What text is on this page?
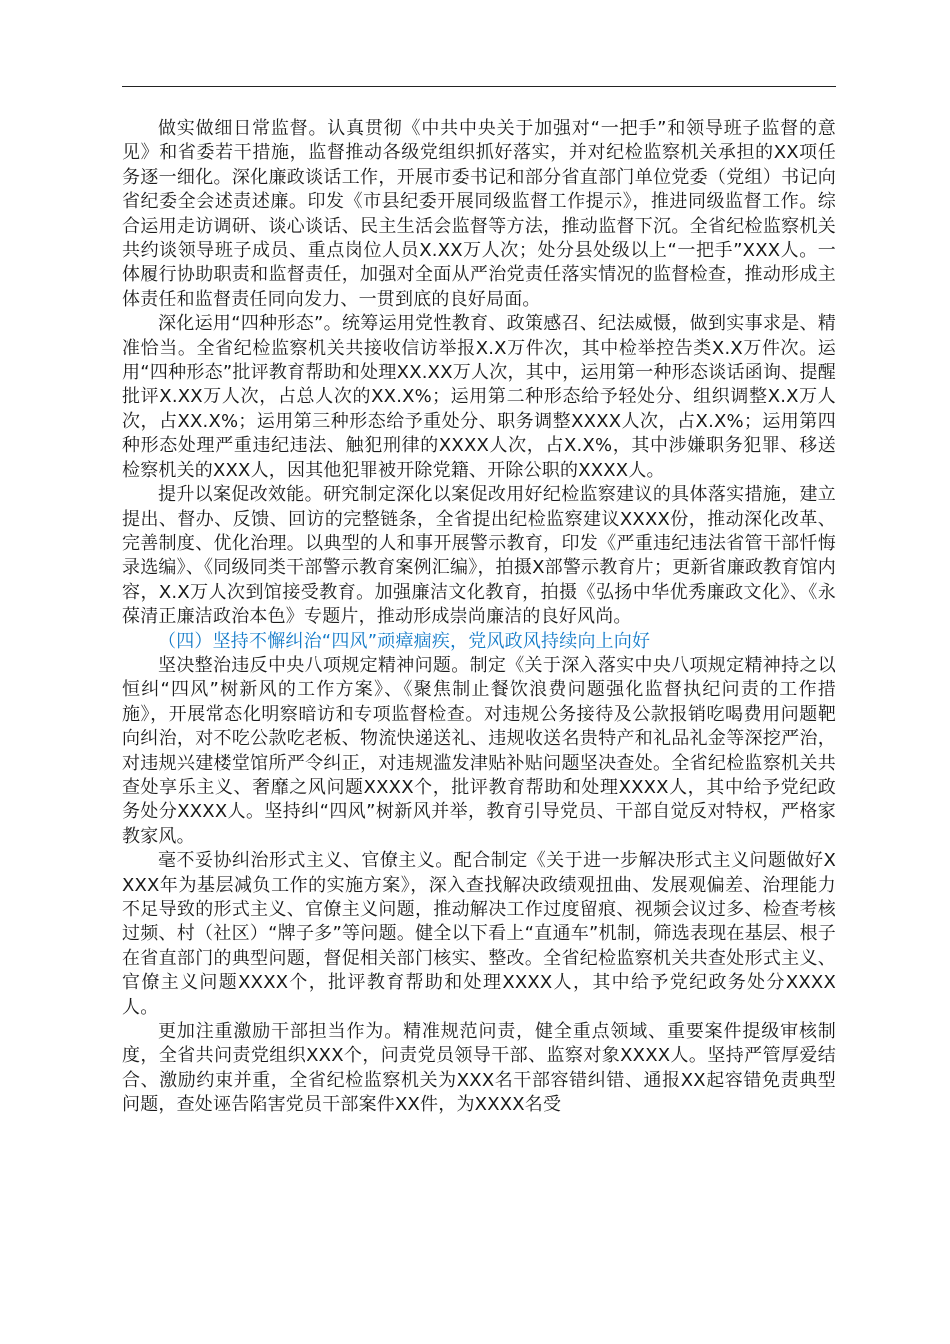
做实做细日常监督。认真贯彻《中共中央关于加强对“一把手”和领导班子监督的意见》和省委若干措施，监督推动各级党组织抓好落实，并对纪检监察机关承担的XX项任务逐一细化。深化廉政谈话工作，开展市委书记和部分省直部门单位党委（党组）书记向省纪委全会述责述廉。印发《市县纪委开展同级监督工作提示》，推进同级监督工作。综合运用走访调研、谈心谈话、民主生活会监督等方法，推动监督下沉。全省纪检监察机关共约谈领导班子成员、重点岗位人员X.XX万人次；处分县处级以上“一把手”XXX人。一体履行协助职责和监督责任，加强对全面从严治党责任落实情况的监督检查，推动形成主体责任和监督责任同向发力、一贯到底的良好局面。

深化运用“四种形态”。统筹运用党性教育、政策感召、纪法威慑，做到实事求是、精准恰当。全省纪检监察机关共接收信访举报X.X万件次，其中检举控告类X.X万件次。运用“四种形态”批评教育帮助和处理XX.XX万人次，其中，运用第一种形态谈话函询、提醒批评X.XX万人次，占总人次的XX.X%；运用第二种形态给予轻处分、组织调整X.X万人次，占XX.X%；运用第三种形态给予重处分、职务调整XXXX人次，占X.X%；运用第四种形态处理严重违纪违法、触犯刑律的XXXX人次，占X.X%，其中涉嫌职务犯罪、移送检察机关的XXX人，因其他犯罪被开除党籍、开除公职的XXXX人。

提升以案促改效能。研究制定深化以案促改用好纪检监察建议的具体落实措施，建立提出、督办、反馈、回访的完整链条，全省提出纪检监察建议XXXX份，推动深化改革、完善制度、优化治理。以典型的人和事开展警示教育，印发《严重违纪违法省管干部忏悔录选编》、《同级同类干部警示教育案例汇编》，拍摄X部警示教育片；更新省廉政教育馆内容，X.X万人次到馆接受教育。加强廉洁文化教育，拍摄《弘扬中华优秀廉政文化》、《永葆清正廉洁政治本色》专题片，推动形成崇尚廉洁的良好风尚。

（四）坚持不懈纠治“四风”顽瘴痼疾，党风政风持续向上向好

坚决整治违反中央八项规定精神问题。制定《关于深入落实中央八项规定精神持之以恒纠“四风”树新风的工作方案》、《聚焦制止餐饮浪费问题强化监督执纪问责的工作措施》，开展常态化明察暗访和专项监督检查。对违规公务接待及公款报销吃喝费用问题靶向纠治，对不吃公款吃老板、物流快递送礼、违规收送名贵特产和礼品礼金等深挖严治，对违规兴建楼堂馆所严令纠正，对违规滥发津贴补贴问题坚决查处。全省纪检监察机关共查处享乐主义、奢靡之风问题XXXX个，批评教育帮助和处理XXXX人，其中给予党纪政务处分XXXX人。坚持纠“四风”树新风并举，教育引导党员、干部自觉反对特权，严格家教家风。

毫不妥协纠治形式主义、官僚主义。配合制定《关于进一步解决形式主义问题做好XXXX年为基层减负工作的实施方案》，深入查找解决政绩观扭曲、发展观偏差、治理能力不足导致的形式主义、官僚主义问题，推动解决工作过度留痕、视频会议过多、检查考核过频、村（社区）“牌子多”等问题。健全以下看上“直通车”机制，筛选表现在基层、根子在省直部门的典型问题，督促相关部门核实、整改。全省纪检监察机关共查处形式主义、官僚主义问题XXXX个，批评教育帮助和处理XXXX人，其中给予党纪政务处分XXXX人。

更加注重激励干部担当作为。精准规范问责，健全重点领域、重要案件提级审核制度，全省共问责党组织XXX个，问责党员领导干部、监察对象XXXX人。坚持严管厚爱结合、激励约束并重，全省纪检监察机关为XXX名干部容错纠错、通报XX起容错免责典型问题，查处诬告陷害党员干部案件XX件，为XXXX名受
